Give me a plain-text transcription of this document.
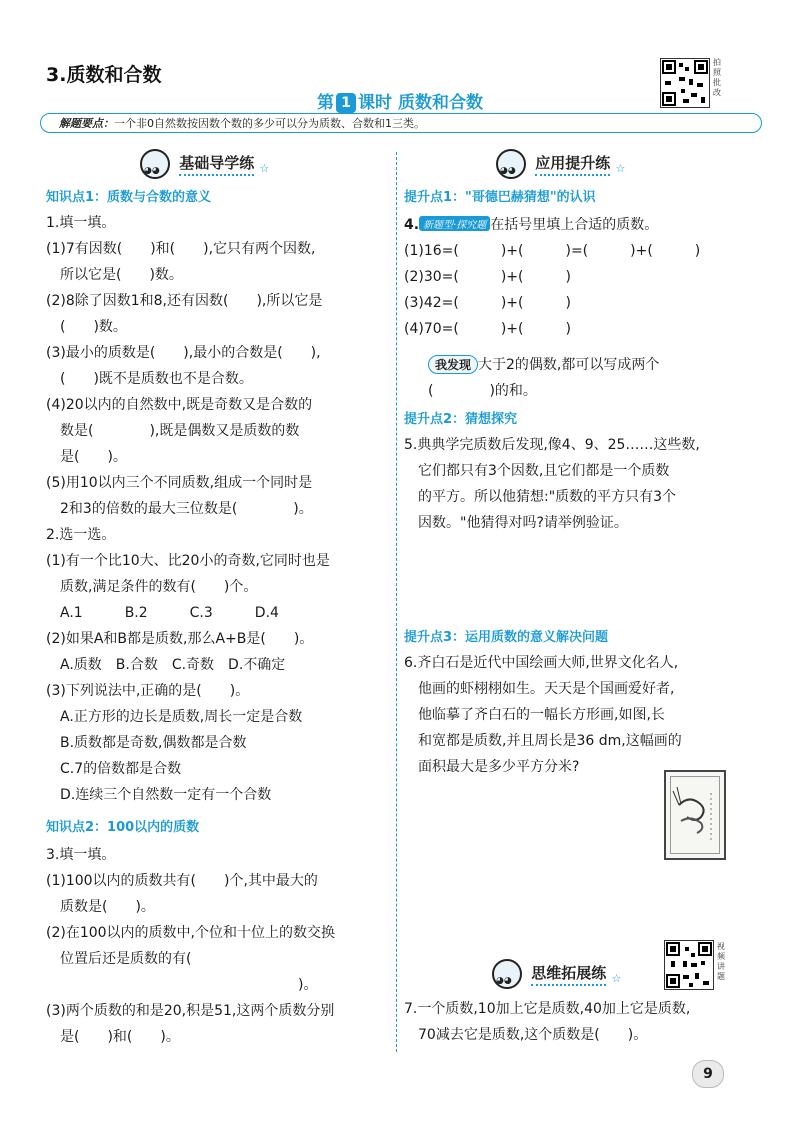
3.质数和合数
第 1 课时 质数和合数
拍照批改
解题要点：一个非0自然数按因数个数的多少可以分为质数、合数和1三类。
◕◕ 基础导学练 $_☆$
知识点1：质数与合数的意义
1.填一填。
(1)7有因数(　　)和(　　),它只有两个因数,
　所以它是(　　)数。
(2)8除了因数1和8,还有因数(　　),所以它是
　(　　)数。
(3)最小的质数是(　　),最小的合数是(　　),
　(　　)既不是质数也不是合数。
(4)20以内的自然数中,既是奇数又是合数的
　数是(　　　　),既是偶数又是质数的数
　是(　　)。
(5)用10以内三个不同质数,组成一个同时是
　2和3的倍数的最大三位数是(　　　　)。
2.选一选。
(1)有一个比10大、比20小的奇数,它同时也是
　质数,满足条件的数有(　　)个。
　A.1　　　B.2　　　C.3　　　D.4
(2)如果A和B都是质数,那么A+B是(　　)。
　A.质数　B.合数　C.奇数　D.不确定
(3)下列说法中,正确的是(　　)。
　A.正方形的边长是质数,周长一定是合数
　B.质数都是奇数,偶数都是合数
　C.7的倍数都是合数
　D.连续三个自然数一定有一个合数
知识点2：100以内的质数
3.填一填。
(1)100以内的质数共有(　　)个,其中最大的
　质数是(　　)。
(2)在100以内的质数中,个位和十位上的数交换
　位置后还是质数的有(
　　　　　　　　　　　　　　　　　　)。
(3)两个质数的和是20,积是51,这两个质数分别
　是(　　)和(　　)。
◕◕ 应用提升练 $_☆$
提升点1："哥德巴赫猜想"的认识
4. 新题型·探究题 在括号里填上合适的质数。
(1)16=(　　　)+(　　　)=(　　　)+(　　　)
(2)30=(　　　)+(　　　)
(3)42=(　　　)+(　　　)
(4)70=(　　　)+(　　　)
我发现 大于2的偶数,都可以写成两个
(　　　　)的和。
提升点2：猜想探究
5.典典学完质数后发现,像4、9、25……这些数,
　它们都只有3个因数,且它们都是一个质数
　的平方。所以他猜想:"质数的平方只有3个
　因数。"他猜得对吗?请举例验证。
提升点3：运用质数的意义解决问题
6.齐白石是近代中国绘画大师,世界文化名人,
　他画的虾栩栩如生。天天是个国画爱好者,
　他临摹了齐白石的一幅长方形画,如图,长
　和宽都是质数,并且周长是36 dm,这幅画的
　面积最大是多少平方分米?
◕◕ 思维拓展练 $_☆$
视频讲题
7.一个质数,10加上它是质数,40加上它是质数,
　70减去它是质数,这个质数是(　　)。
9
